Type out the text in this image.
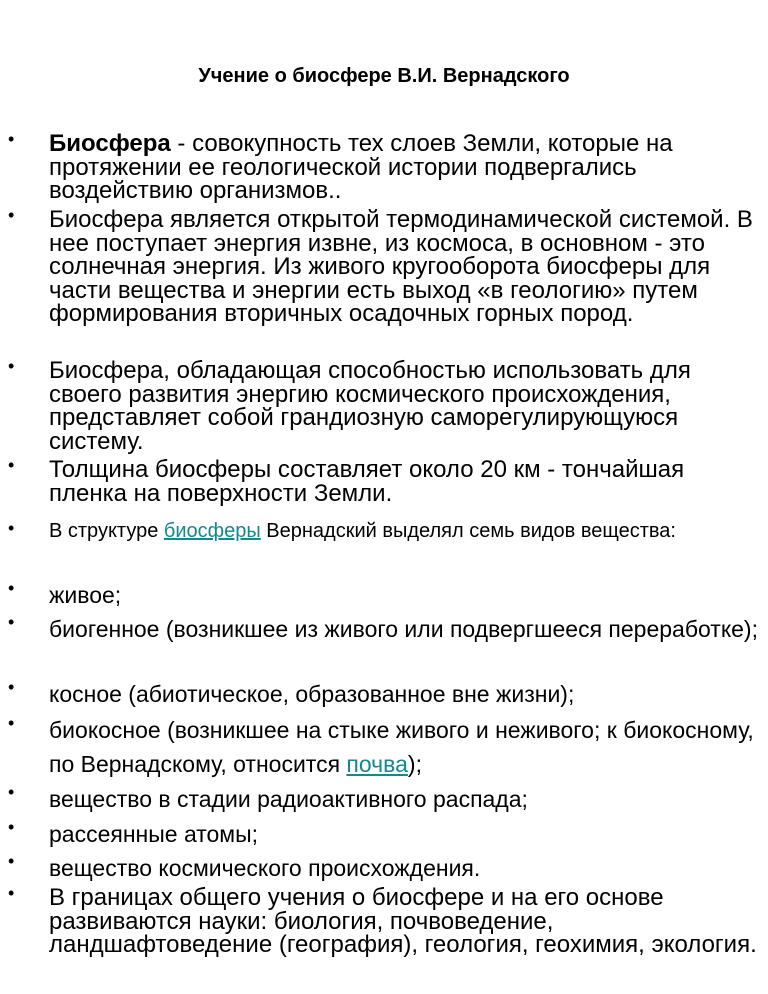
Учение о биосфере В.И. Вернадского
• Биосфера - совокупность тех слоев Земли, которые на протяжении ее геологической истории подвергались воздействию организмов..
• Биосфера является открытой термодинамической системой. В нее поступает энергия извне, из космоса, в основном - это солнечная энергия. Из живого кругооборота биосферы для части вещества и энергии есть выход «в геологию» путем формирования вторичных осадочных горных пород.
• Биосфера, обладающая способностью использовать для своего развития энергию космического происхождения, представляет собой грандиозную саморегулирующуюся систему.
• Толщина биосферы составляет около 20 км - тончайшая пленка на поверхности Земли.
• В структуре биосферы Вернадский выделял семь видов вещества:
• живое;
• биогенное (возникшее из живого или подвергшееся переработке);
• косное (абиотическое, образованное вне жизни);
• биокосное (возникшее на стыке живого и неживого; к биокосному, по Вернадскому, относится почва);
• вещество в стадии радиоактивного распада;
• рассеянные атомы;
• вещество космического происхождения.
• В границах общего учения о биосфере и на его основе развиваются науки: биология, почвоведение, ландшафтоведение (география), геология, геохимия, экология.
